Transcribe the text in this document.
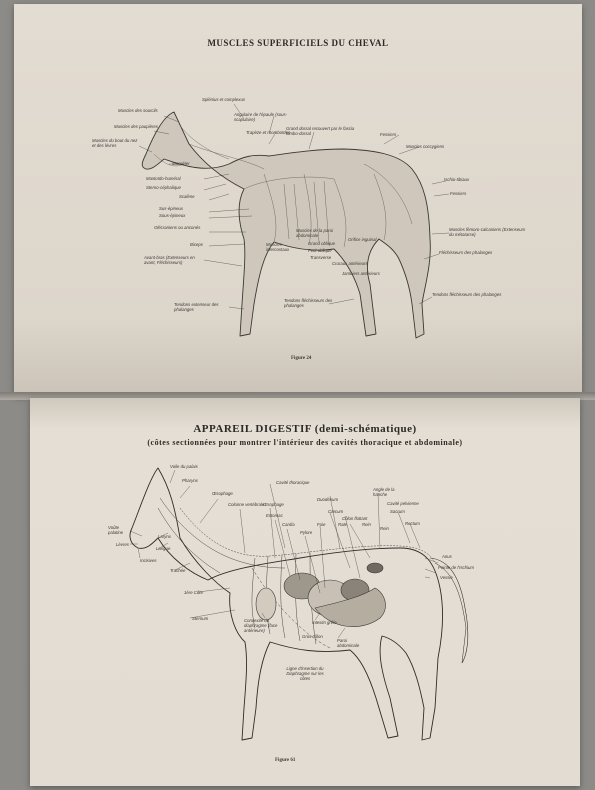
MUSCLES SUPERFICIELS DU CHEVAL
Muscles des sourcils
Muscles des paupières
Muscles du bout du nez et des lèvres
Masséter
Mastoïdo-huméral
Sterno-céphalique
Scalène
Sus-épineux
Sous-épineux
Olécraniens ou anconés
Biceps
Avant-bras (Extenseurs en avant, Fléchisseurs)
Tendons extenseur des phalanges
Tendons fléchisseurs des phalanges
Splénius et complexus
Angulaire de l'épaule (sous-scapulaire)
Trapèze et rhomboïdes
Grand dorsal recouvert par le fascia lombo-dorsal	Fessiers
Muscles coccygiens
Ischio-tibiaux
Fessiers
Muscles fémoro-calcaniens (Extenseurs du métatarse)
Fléchisseurs des phalanges
Tendons fléchisseurs des phalanges
Muscles de la paroi abdominale
Orifice inguinal
Muscles intercostaux
Grand oblique
Petit oblique
Transverse
Cruraux antérieurs
Jambiers antérieurs
Figure 24
APPAREIL DIGESTIF (demi-schématique)
(côtes sectionnées pour montrer l'intérieur des cavités thoracique et abdominale)
Voile du palais
Pharynx	Cavité thoracique
Œsophage
Colonne vertébrale
Œsophage
Estomac
Cardia	Foie
Pylore
Duodénum
Cæcum
Côlon flottant
Rein
Rate
Rein
Angle de la hanche
Cavité pelvienne
Sacrum
Rectum
Voûte palatine
Lèvres
Larynx
Langue
Incisives
Trachée
1ère Côte
Sternum	Convexité du diaphragme (face antérieure)
Intestin grêle
Gros côlon
Paroi abdominale
Ligne d'insertion du Diaphragme sur les côtes
Anus
Pointe de l'Ischium
Vessie
Figure 61
